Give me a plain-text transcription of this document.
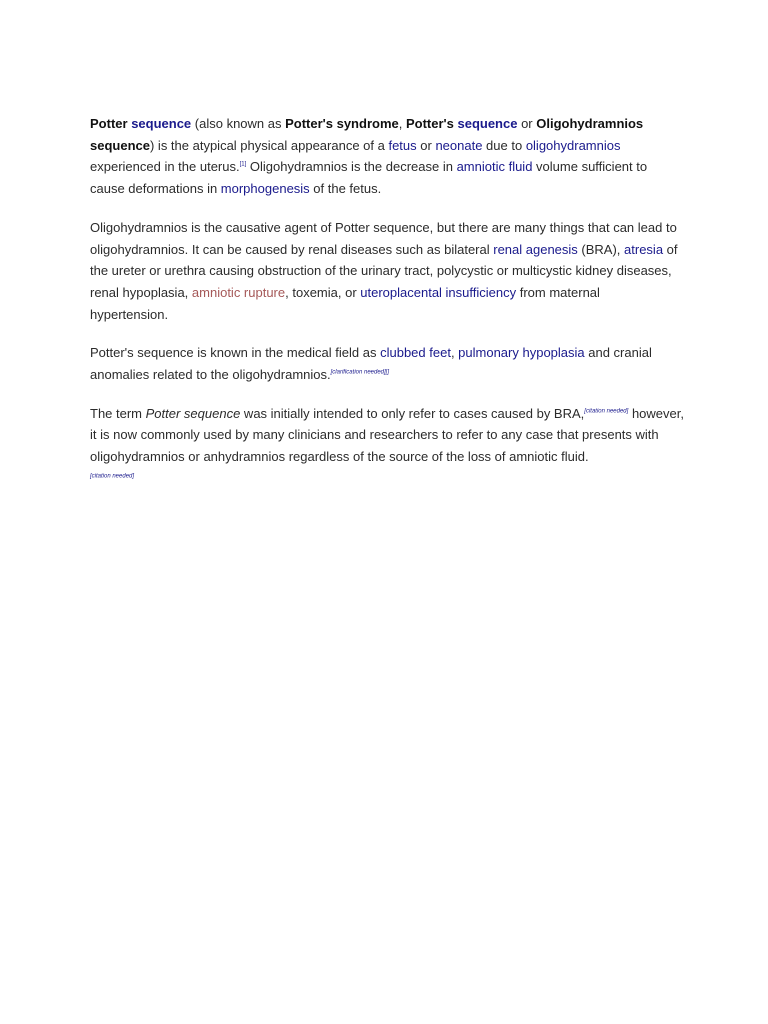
Potter sequence (also known as Potter's syndrome, Potter's sequence or Oligohydramnios sequence) is the atypical physical appearance of a fetus or neonate due to oligohydramnios experienced in the uterus.[1] Oligohydramnios is the decrease in amniotic fluid volume sufficient to cause deformations in morphogenesis of the fetus.

Oligohydramnios is the causative agent of Potter sequence, but there are many things that can lead to oligohydramnios. It can be caused by renal diseases such as bilateral renal agenesis (BRA), atresia of the ureter or urethra causing obstruction of the urinary tract, polycystic or multicystic kidney diseases, renal hypoplasia, amniotic rupture, toxemia, or uteroplacental insufficiency from maternal hypertension.

Potter's sequence is known in the medical field as clubbed feet, pulmonary hypoplasia and cranial anomalies related to the oligohydramnios.[clarification needed][]

The term Potter sequence was initially intended to only refer to cases caused by BRA,[citation needed] however, it is now commonly used by many clinicians and researchers to refer to any case that presents with oligohydramnios or anhydramnios regardless of the source of the loss of amniotic fluid.
[citation needed]
